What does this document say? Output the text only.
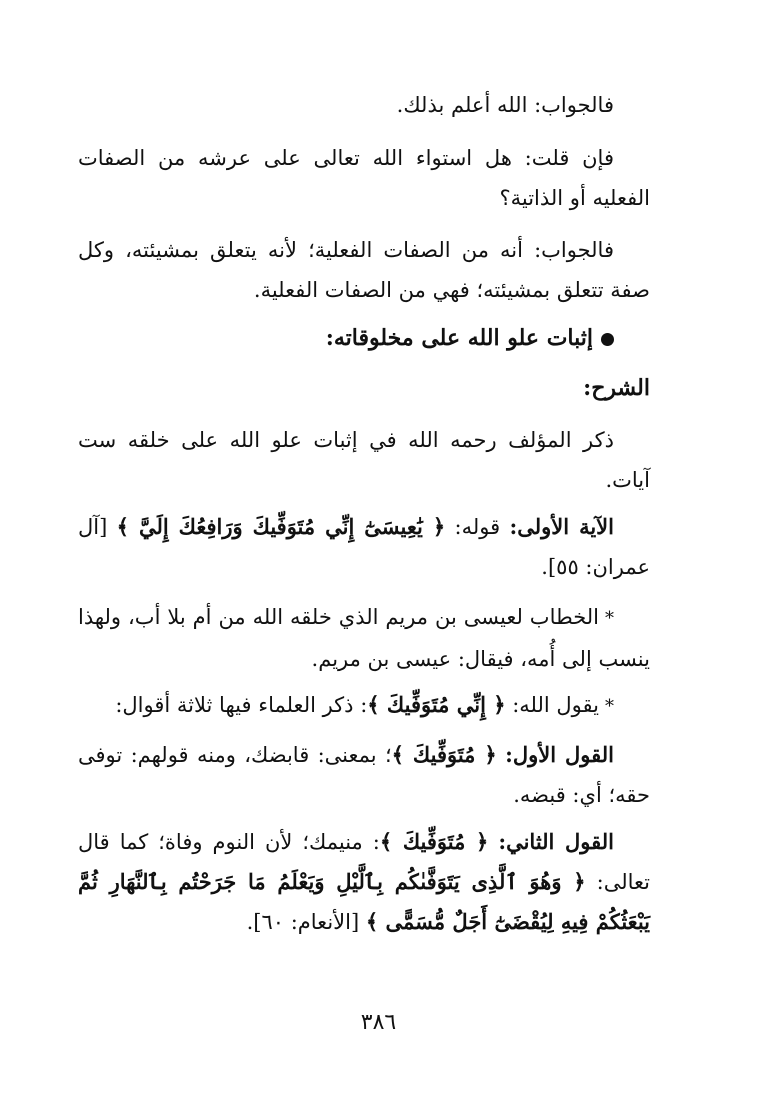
فالجواب: الله أعلم بذلك.

فإن قلت: هل استواء الله تعالى على عرشه من الصفات الفعليه أو الذاتية؟

فالجواب: أنه من الصفات الفعلية؛ لأنه يتعلق بمشيئته، وكل صفة تتعلق بمشيئته؛ فهي من الصفات الفعلية.

إثبات علو الله على مخلوقاته:

الشرح:

ذكر المؤلف رحمه الله في إثبات علو الله على خلقه ست آيات.

الآية الأولى: قوله: ﴿ يَٰعِيسَىٰٓ إِنِّي مُتَوَفِّيكَ وَرَافِعُكَ إِلَيَّ ﴾ [آل عمران: ٥٥].

*الخطاب لعيسى بن مريم الذي خلقه الله من أم بلا أب، ولهذا ينسب إلى أُمه، فيقال: عيسى بن مريم.

*يقول الله: ﴿ إِنِّي مُتَوَفِّيكَ ﴾: ذكر العلماء فيها ثلاثة أقوال:

القول الأول: ﴿ مُتَوَفِّيكَ ﴾؛ بمعنى: قابضك، ومنه قولهم: توفى حقه؛ أي: قبضه.

القول الثاني: ﴿ مُتَوَفِّيكَ ﴾: منيمك؛ لأن النوم وفاة؛ كما قال تعالى: ﴿ وَهُوَ ٱلَّذِى يَتَوَفَّىٰكُم بِٱلَّيْلِ وَيَعْلَمُ مَا جَرَحْتُم بِٱلنَّهَارِ ثُمَّ يَبْعَثُكُمْ فِيهِ لِيُقْضَىٰٓ أَجَلٌ مُّسَمًّى ﴾ [الأنعام: ٦٠].

٣٨٦
